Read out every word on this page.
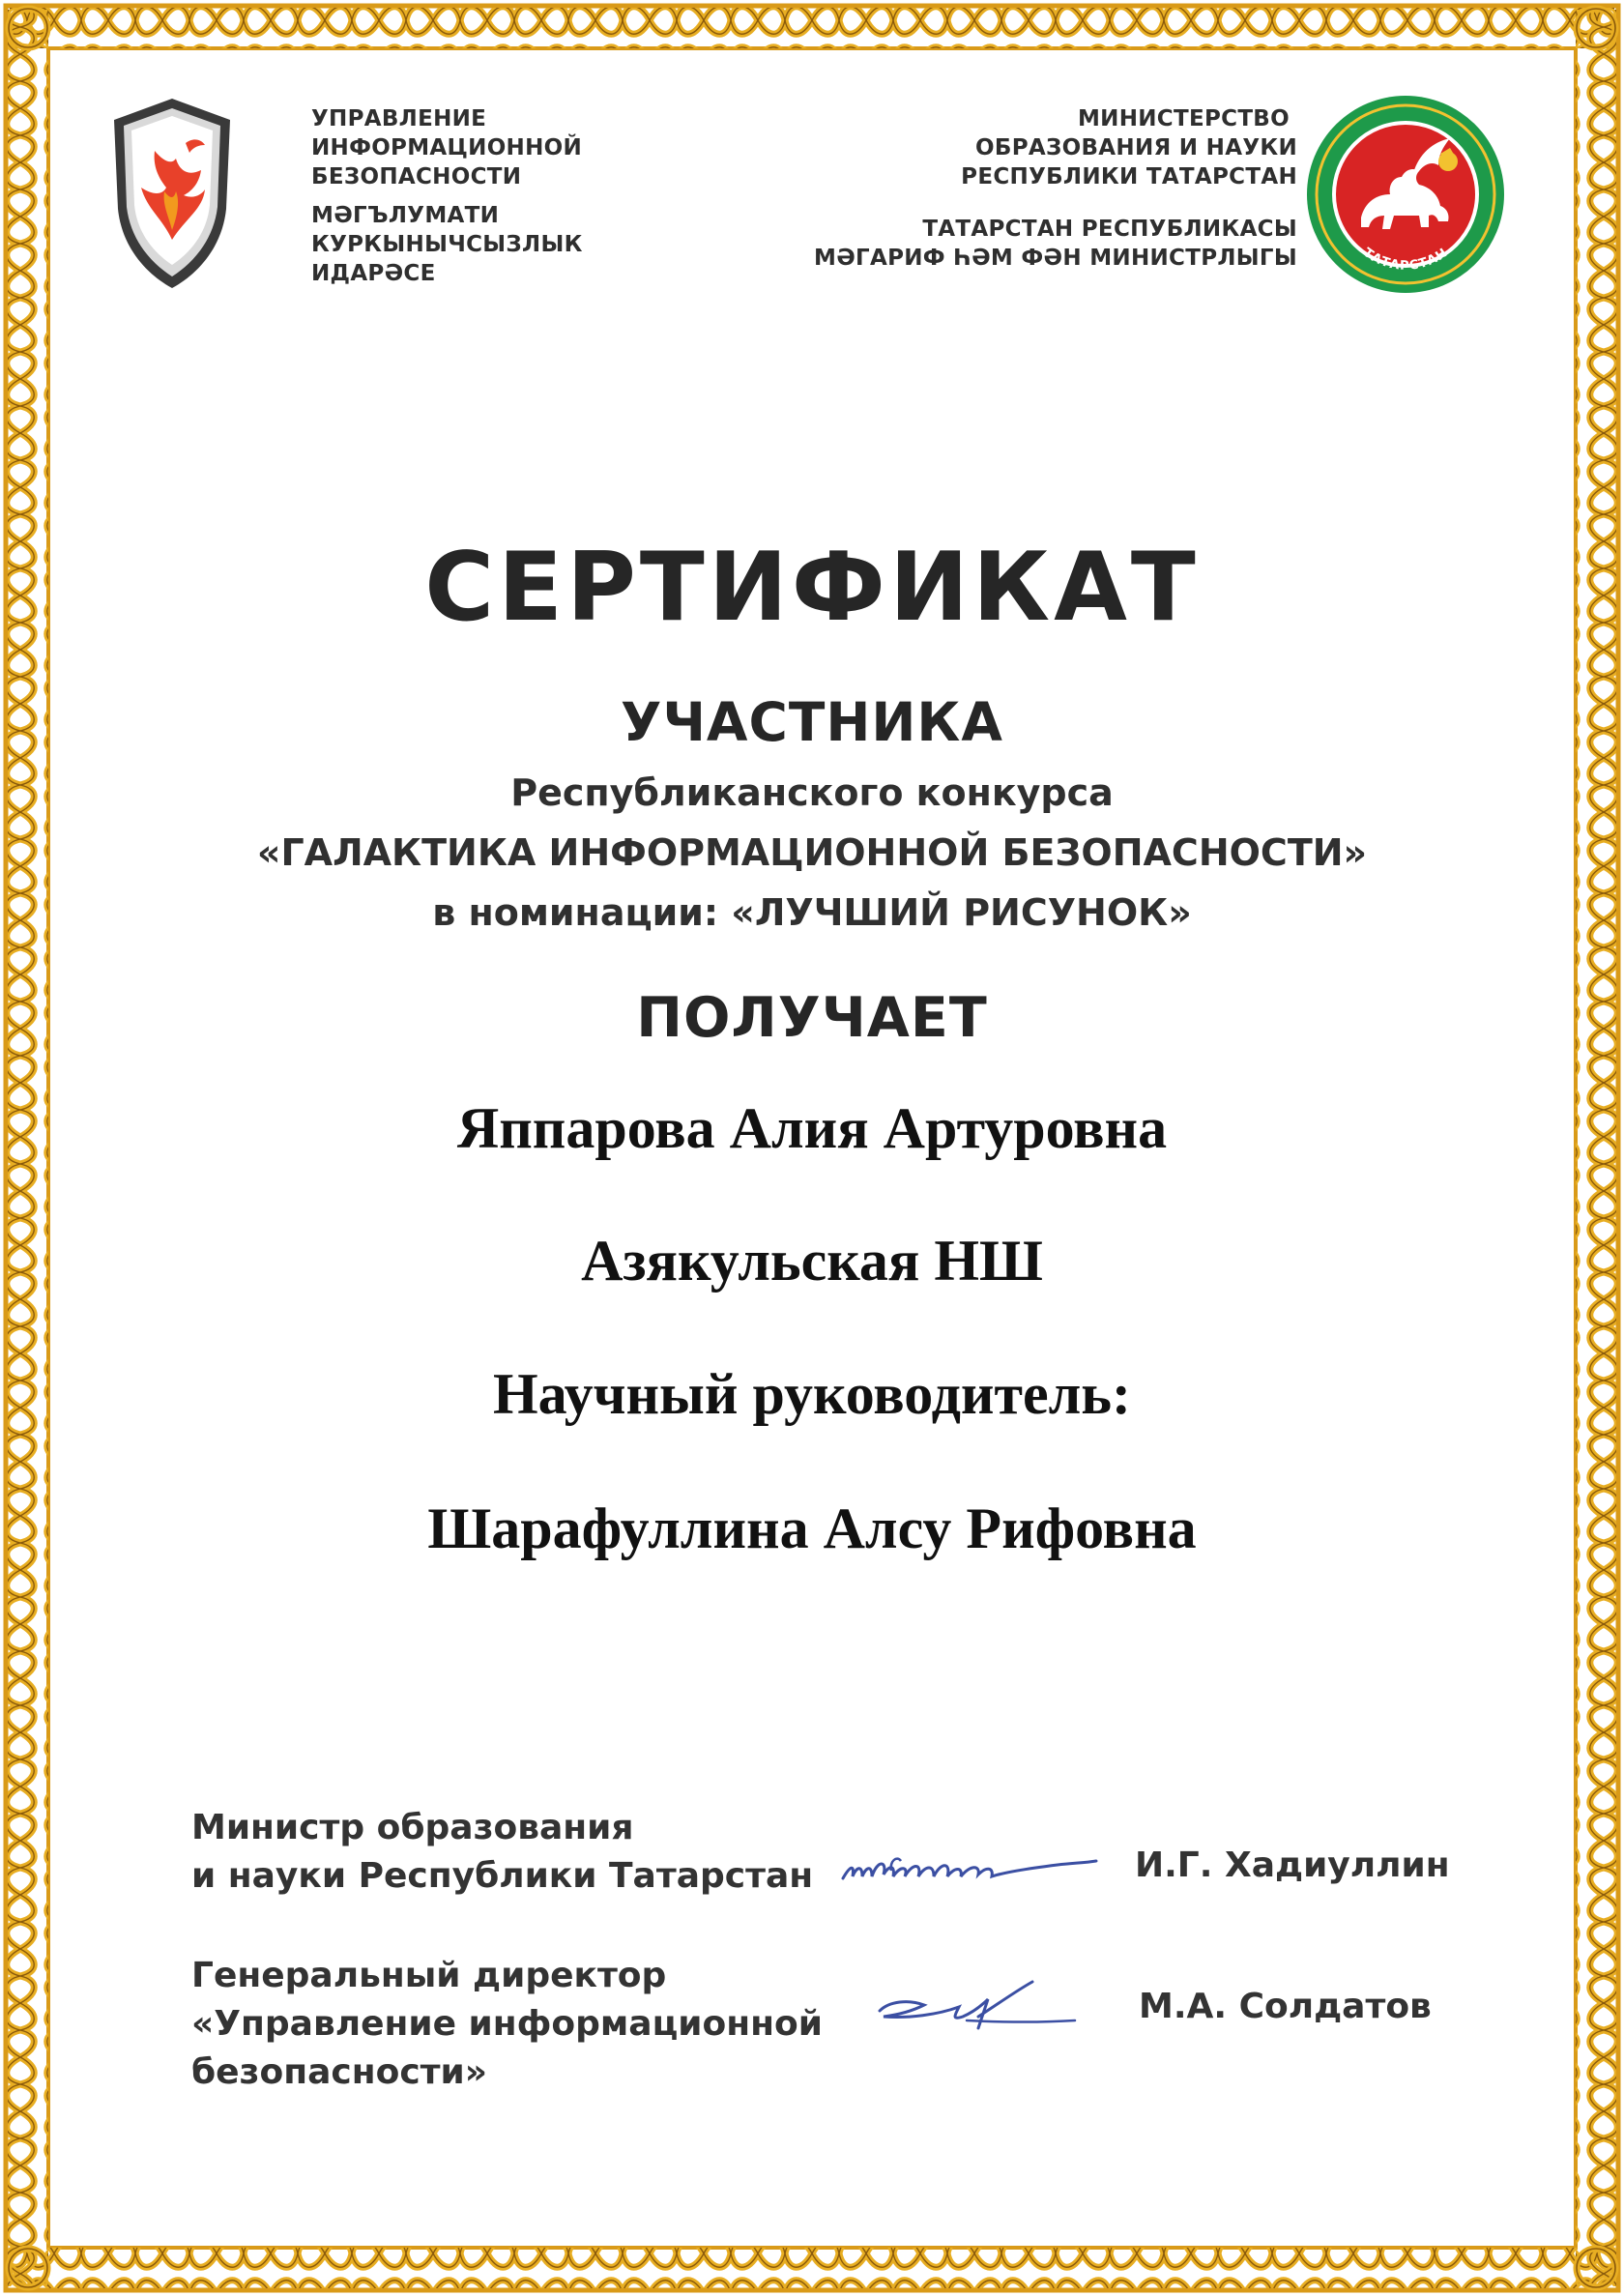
УПРАВЛЕНИЕ
ИНФОРМАЦИОННОЙ
БЕЗОПАСНОСТИ
МӘГЪЛУМАТИ
КУРКЫНЫЧСЫЗЛЫК
ИДАРӘСЕ
МИНИСТЕРСТВО
ОБРАЗОВАНИЯ И НАУКИ
РЕСПУБЛИКИ ТАТАРСТАН
ТАТАРСТАН РЕСПУБЛИКАСЫ
МӘГАРИФ ҺӘМ ФӘН МИНИСТРЛЫГЫ	ТАТАРСТАН
СЕРТИФИКАТ
УЧАСТНИКА
Республиканского конкурса
«ГАЛАКТИКА ИНФОРМАЦИОННОЙ БЕЗОПАСНОСТИ»
в номинации: «ЛУЧШИЙ РИСУНОК»
ПОЛУЧАЕТ
Яппарова Алия Артуровна
Азякульская НШ
Научный руководитель:
Шарафуллина Алсу Рифовна
Министр образования
и науки Республики Татарстан	И.Г. Хадиуллин
Генеральный директор
«Управление информационной
безопасности»
М.А. Солдатов
